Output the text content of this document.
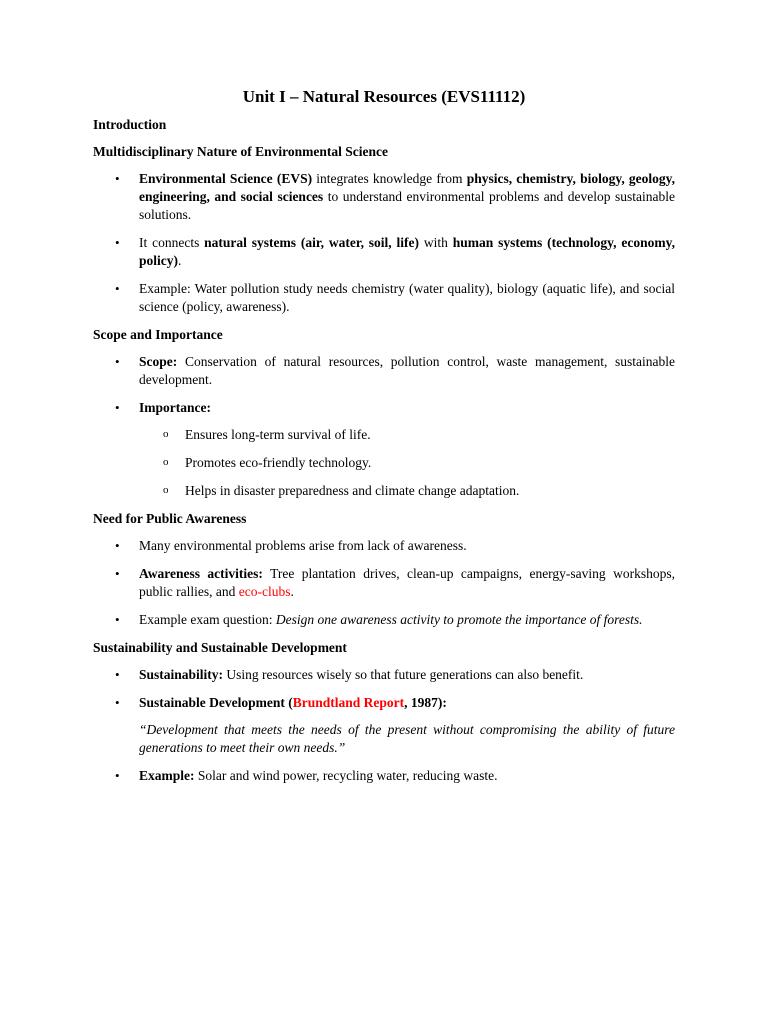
Unit I – Natural Resources (EVS11112)
Introduction
Multidisciplinary Nature of Environmental Science
• Environmental Science (EVS) integrates knowledge from physics, chemistry, biology, geology, engineering, and social sciences to understand environmental problems and develop sustainable solutions.
• It connects natural systems (air, water, soil, life) with human systems (technology, economy, policy).
• Example: Water pollution study needs chemistry (water quality), biology (aquatic life), and social science (policy, awareness).
Scope and Importance
• Scope: Conservation of natural resources, pollution control, waste management, sustainable development.
• Importance:
o Ensures long-term survival of life.
o Promotes eco-friendly technology.
o Helps in disaster preparedness and climate change adaptation.
Need for Public Awareness
• Many environmental problems arise from lack of awareness.
• Awareness activities: Tree plantation drives, clean-up campaigns, energy-saving workshops, public rallies, and eco-clubs.
• Example exam question: Design one awareness activity to promote the importance of forests.
Sustainability and Sustainable Development
• Sustainability: Using resources wisely so that future generations can also benefit.
• Sustainable Development (Brundtland Report, 1987):
“Development that meets the needs of the present without compromising the ability of future generations to meet their own needs.”
• Example: Solar and wind power, recycling water, reducing waste.
